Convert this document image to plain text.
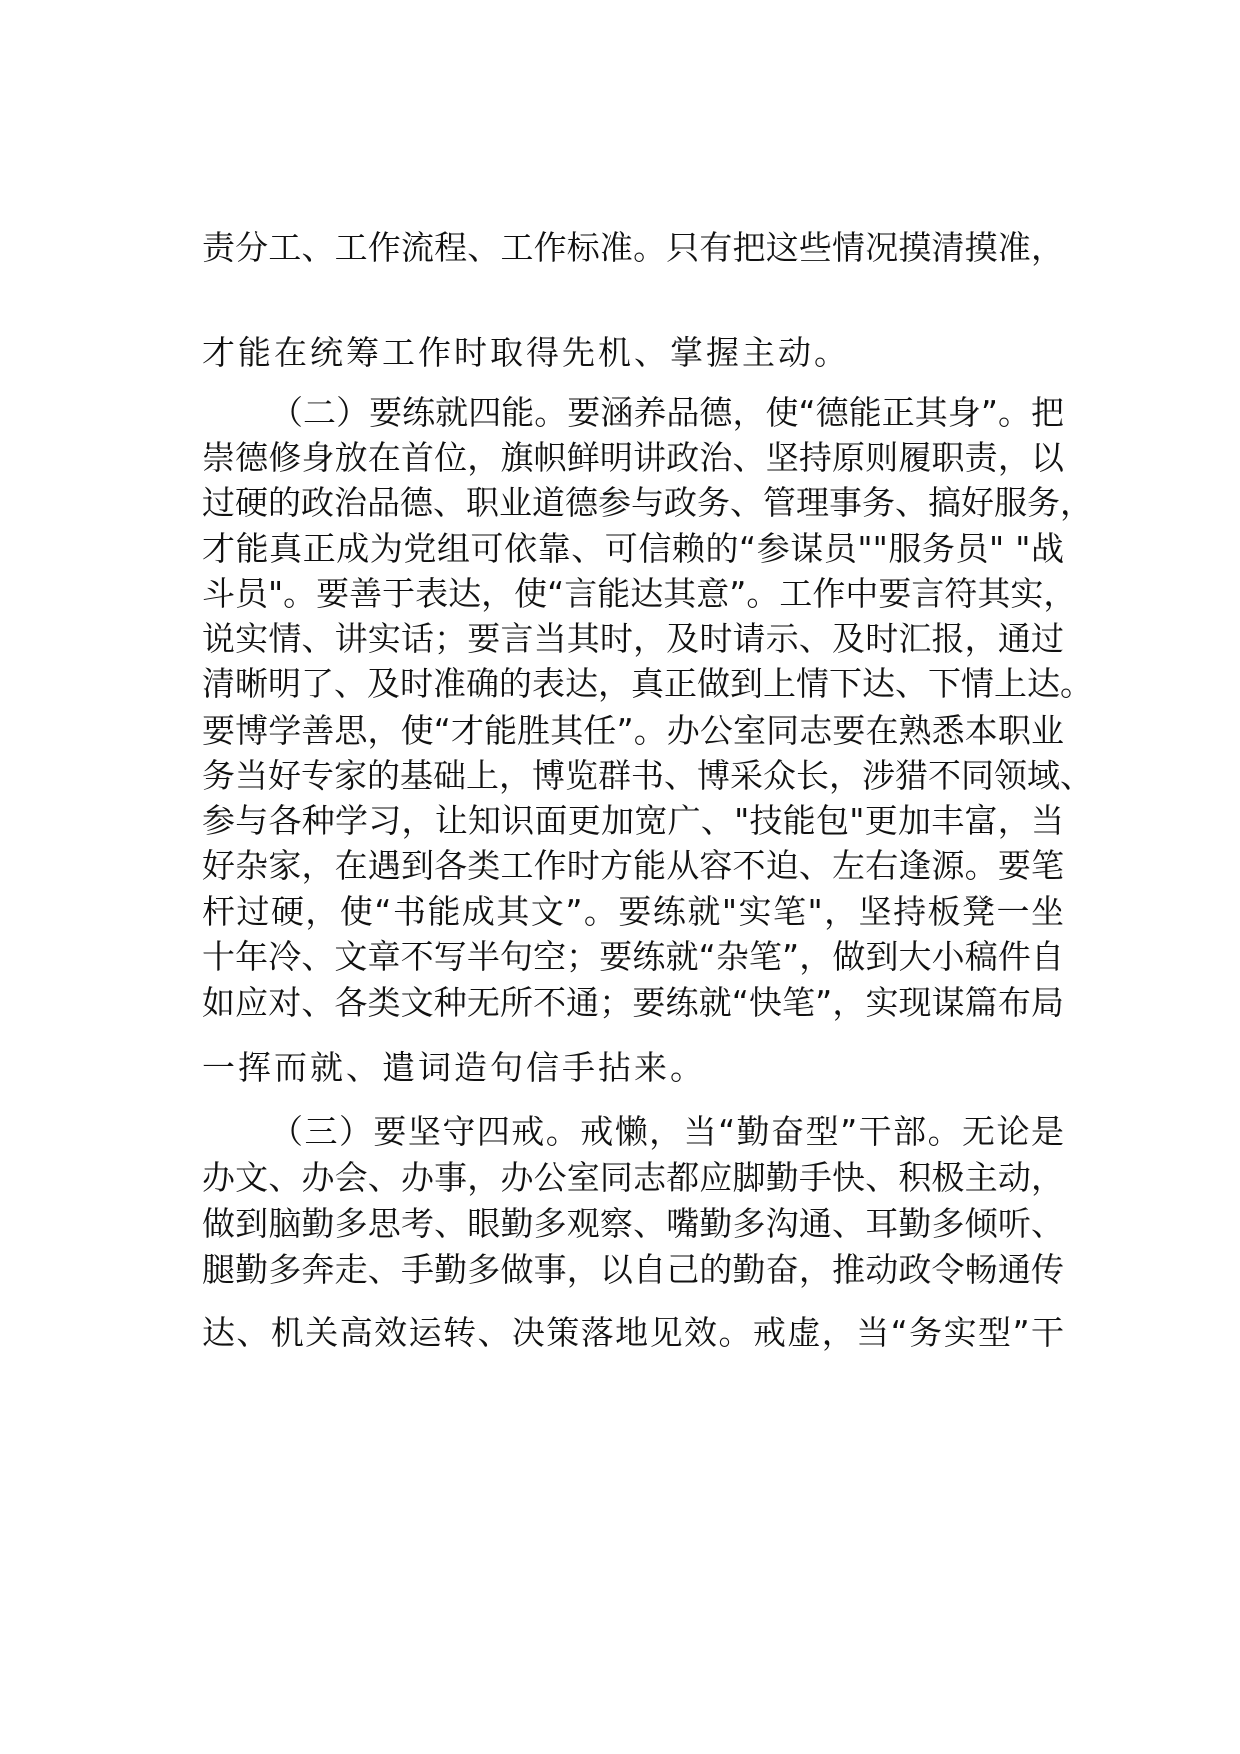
责分工、工作流程、工作标准。只有把这些情况摸清摸准，
才能在统筹工作时取得先机、掌握主动。
（二）要练就四能。要涵养品德，使“德能正其身”。把
崇德修身放在首位，旗帜鲜明讲政治、坚持原则履职责，以
过硬的政治品德、职业道德参与政务、管理事务、搞好服务，
才能真正成为党组可依靠、可信赖的“参谋员""服务员" "战
斗员"。要善于表达，使“言能达其意”。工作中要言符其实，
说实情、讲实话；要言当其时，及时请示、及时汇报，通过
清晰明了、及时准确的表达，真正做到上情下达、下情上达。
要博学善思，使“才能胜其任”。办公室同志要在熟悉本职业
务当好专家的基础上，博览群书、博采众长，涉猎不同领域、
参与各种学习，让知识面更加宽广、"技能包"更加丰富，当
好杂家，在遇到各类工作时方能从容不迫、左右逢源。要笔
杆过硬，使“书能成其文”。要练就"实笔"，坚持板凳一坐
十年冷、文章不写半句空；要练就“杂笔”，做到大小稿件自
如应对、各类文种无所不通；要练就“快笔”，实现谋篇布局
一挥而就、遣词造句信手拈来。
（三）要坚守四戒。戒懒，当“勤奋型”干部。无论是
办文、办会、办事，办公室同志都应脚勤手快、积极主动，
做到脑勤多思考、眼勤多观察、嘴勤多沟通、耳勤多倾听、
腿勤多奔走、手勤多做事，以自己的勤奋，推动政令畅通传
达、机关高效运转、决策落地见效。戒虚，当“务实型”干
